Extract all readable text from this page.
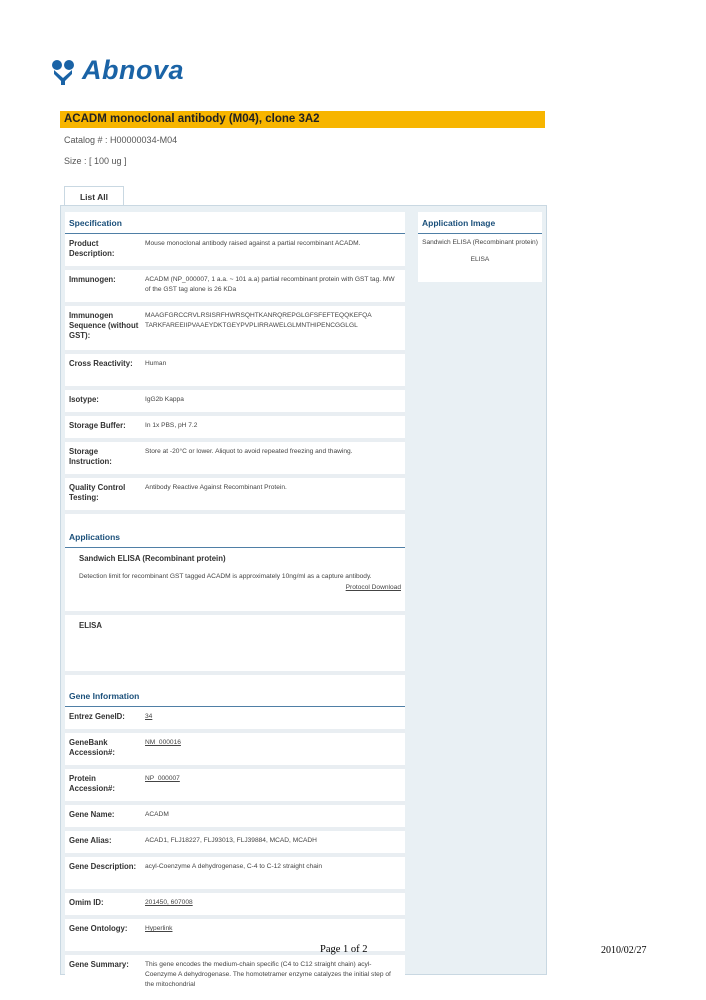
Abnova
ACADM monoclonal antibody (M04), clone 3A2
Catalog # : H00000034-M04
Size : [ 100 ug ]
List All
Specification
Product Description:
Mouse monoclonal antibody raised against a partial recombinant ACADM.
Immunogen:	ACADM (NP_000007, 1 a.a. ~ 101 a.a) partial recombinant protein with GST tag. MW of the GST tag alone is 26 KDa
Immunogen Sequence (without GST):
MAAGFGRCCRVLRSISRFHWRSQHTKANRQREPGLGFSFEFTEQQKEFQA TARKFAREEIIPVAAEYDKTGEYPVPLIRRAWELGLMNTHIPENCGGLGL
Cross Reactivity:	Human
Isotype:	IgG2b Kappa
Storage Buffer:	In 1x PBS, pH 7.2
Storage Instruction:
Store at -20°C or lower. Aliquot to avoid repeated freezing and thawing.
Quality Control Testing:
Antibody Reactive Against Recombinant Protein.
Applications
Sandwich ELISA (Recombinant protein)
Detection limit for recombinant GST tagged ACADM is approximately 10ng/ml as a capture antibody.
Protocol Download
ELISA
Gene Information
Entrez GeneID:	34
GeneBank Accession#:
NM_000016
Protein Accession#:
NP_000007
Gene Name:	ACADM
Gene Alias:	ACAD1, FLJ18227, FLJ93013, FLJ39884, MCAD, MCADH
Gene Description:	acyl-Coenzyme A dehydrogenase, C-4 to C-12 straight chain
Omim ID:	201450, 607008
Gene Ontology:	Hyperlink
Gene Summary:	This gene encodes the medium-chain specific (C4 to C12 straight chain) acyl-Coenzyme A dehydrogenase. The homotetramer enzyme catalyzes the initial step of the mitochondrial
Application Image
Sandwich ELISA (Recombinant protein)
ELISA
Page 1 of 2	2010/02/27
